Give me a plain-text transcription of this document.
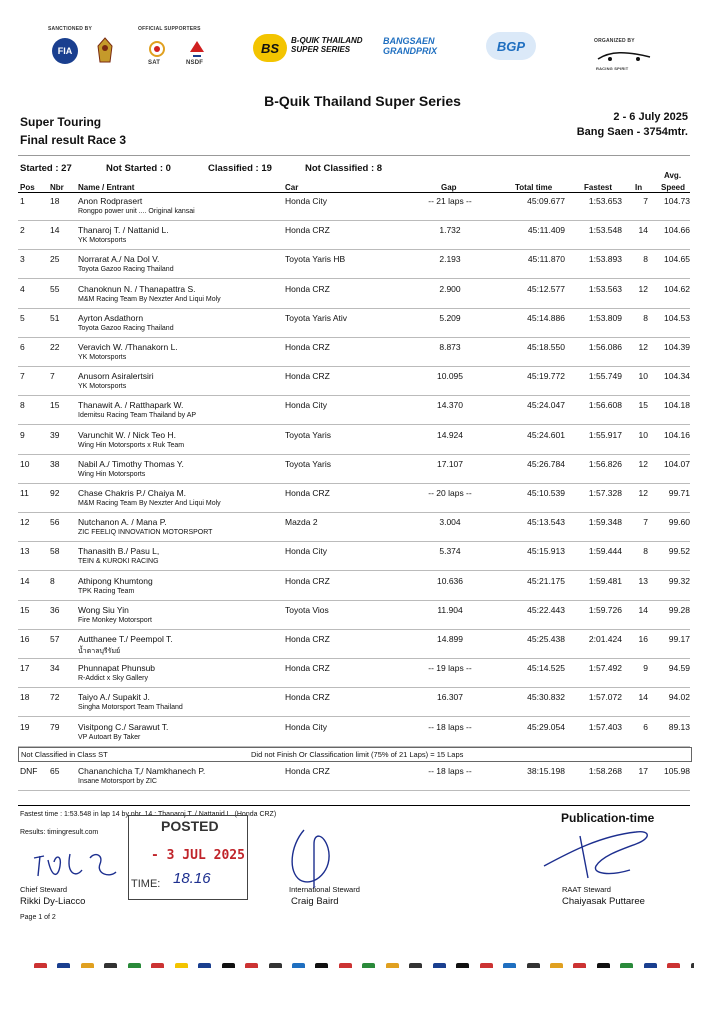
SANCTIONED BY
FIA
OFFICIAL SUPPORTERS
SAT	NSDF
BS	B-QUIK THAILAND SUPER SERIES
BANGSAEN GRANDPRIX	BGP	ORGANIZED BY
RACING SPIRIT
B-Quik Thailand Super Series
Super Touring
Final result Race 3
2 - 6 July 2025
Bang Saen - 3754mtr.
Started : 27	Not Started : 0	Classified : 19	Not Classified : 8
Pos Nbr Name / Entrant	Car	Gap	Total time	Fastest	In
Avg.
Speed
1	18 Anon Rodprasert	Honda City	-- 21 laps --	45:09.677	1:53.653	7	104.73
Rongpo power unit .... Original kansai
2	14 Thanaroj T. / Nattanid L.	Honda CRZ	1.732	45:11.409	1:53.548	14	104.66
YK Motorsports
3	25 Norrarat A./ Na Dol V.	Toyota Yaris HB	2.193	45:11.870	1:53.893	8	104.65
Toyota Gazoo Racing Thailand
4	55 Chanoknun N. / Thanapattra S.	Honda CRZ	2.900	45:12.577	1:53.563	12	104.62
M&M Racing Team By Nexzter And Liqui Moly
5	51 Ayrton Asdathorn	Toyota Yaris Ativ	5.209	45:14.886	1:53.809	8	104.53
Toyota Gazoo Racing Thailand
6	22 Veravich W. /Thanakorn L.	Honda CRZ	8.873	45:18.550	1:56.086	12	104.39
YK Motorsports
7	7	Anusorn Asiralertsiri	Honda CRZ	10.095	45:19.772	1:55.749	10	104.34
YK Motorsports
8	15 Thanawit A. / Ratthapark W.	Honda City	14.370	45:24.047	1:56.608	15	104.18
Idemitsu Racing Team Thailand by AP
9	39 Varunchit W. / Nick Teo H.	Toyota Yaris	14.924	45:24.601	1:55.917	10	104.16
Wing Hin Motorsports x Ruk Team
10 38 Nabil A./ Timothy Thomas Y.	Toyota Yaris	17.107	45:26.784	1:56.826	12	104.07
Wing Hin Motorsports
11 92 Chase Chakris P./ Chaiya M.	Honda CRZ	-- 20 laps --	45:10.539	1:57.328	12	99.71
M&M Racing Team By Nexzter And Liqui Moly
12 56 Nutchanon A. / Mana P.	Mazda 2	3.004	45:13.543	1:59.348	7	99.60
ZIC FEELIQ INNOVATION MOTORSPORT
13 58 Thanasith B./ Pasu L,	Honda City	5.374	45:15.913	1:59.444	8	99.52
TEIN & KUROKI RACING
14 8	Athipong Khumtong	Honda CRZ	10.636	45:21.175	1:59.481	13	99.32
TPK Racing Team
15 36 Wong Siu Yin	Toyota Vios	11.904	45:22.443	1:59.726	14	99.28
Fire Monkey Motorsport
16 57 Autthanee T./ Peempol T.	Honda CRZ	14.899	45:25.438	2:01.424	16	99.17
น้ำตาลบุรีรัมย์
17 34 Phunnapat Phunsub	Honda CRZ	-- 19 laps --	45:14.525	1:57.492	9	94.59
R-Addict x Sky Gallery
18 72 Taiyo A./ Supakit J.	Honda CRZ	16.307	45:30.832	1:57.072	14	94.02
Singha Motorsport Team Thailand
19 79 Visitpong C./ Sarawut T.	Honda City	-- 18 laps --	45:29.054	1:57.403	6	89.13
VP Autoart By Taker
Not Classified in Class ST	Did not Finish Or Classification limit (75% of 21 Laps) = 15 Laps
DNF 65 Chananchicha T,/ Namkhanech P.	Honda CRZ	-- 18 laps --	38:15.198	1:58.268	17	105.98
Insane Motorsport by ZIC
Fastest time : 1:53.548 in lap 14 by nbr. 14 : Thanaroj T. / Nattanid L. (Honda CRZ)
Results: timingresult.com
Publication-time
Chief Steward
Rikki Dy-Liacco
POSTED
- 3 JUL 2025
TIME: 18.16
International Steward
Craig Baird
RAAT Steward
Chaiyasak Puttaree
Page 1 of 2
